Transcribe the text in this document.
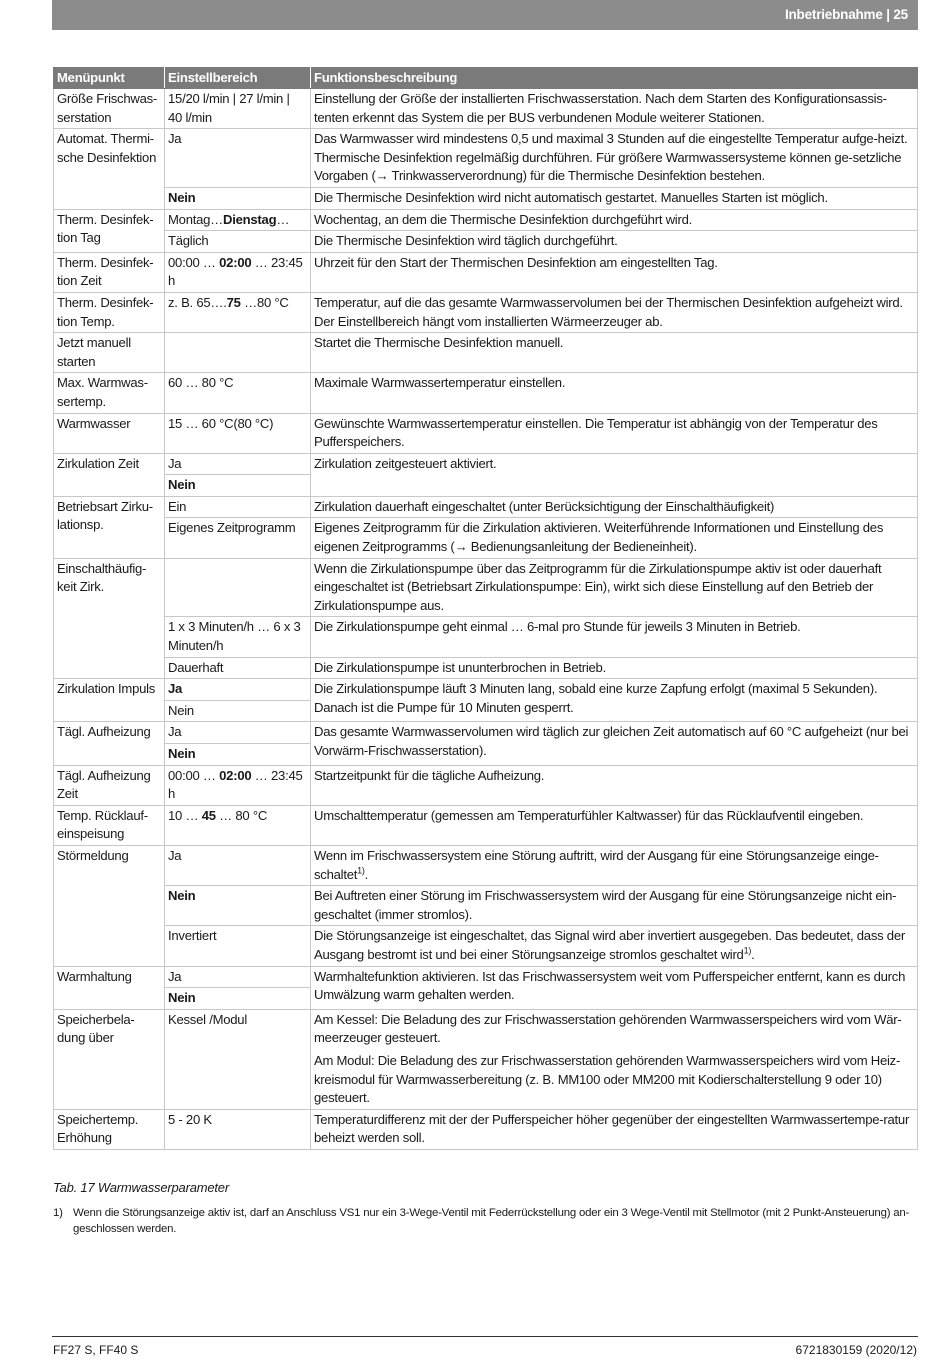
Inbetriebnahme | 25
Menüpunkt	Einstellbereich	Funktionsbeschreibung
Größe Frischwas-serstation	15/20 l/min | 27 l/min | 40 l/min	Einstellung der Größe der installierten Frischwasserstation. Nach dem Starten des Konfigurationsassis-tenten erkennt das System die per BUS verbundenen Module weiterer Stationen.
Automat. Thermi-sche Desinfektion	Ja	Das Warmwasser wird mindestens 0,5 und maximal 3 Stunden auf die eingestellte Temperatur aufge-heizt. Thermische Desinfektion regelmäßig durchführen. Für größere Warmwassersysteme können ge-setzliche Vorgaben (→ Trinkwasserverordnung) für die Thermische Desinfektion bestehen.
	Nein	Die Thermische Desinfektion wird nicht automatisch gestartet. Manuelles Starten ist möglich.
Therm. Desinfek-tion Tag	Montag…Dienstag…	Wochentag, an dem die Thermische Desinfektion durchgeführt wird.
	Täglich	Die Thermische Desinfektion wird täglich durchgeführt.
Therm. Desinfek-tion Zeit	00:00 … 02:00 … 23:45 h	Uhrzeit für den Start der Thermischen Desinfektion am eingestellten Tag.
Therm. Desinfek-tion Temp.	z. B. 65….75 …80 °C	Temperatur, auf die das gesamte Warmwasservolumen bei der Thermischen Desinfektion aufgeheizt wird. Der Einstellbereich hängt vom installierten Wärmeerzeuger ab.
Jetzt manuell starten		Startet die Thermische Desinfektion manuell.
Max. Warmwas-sertemp.	60 … 80 °C	Maximale Warmwassertemperatur einstellen.
Warmwasser	15 … 60 °C(80 °C)	Gewünschte Warmwassertemperatur einstellen. Die Temperatur ist abhängig von der Temperatur des Pufferspeichers.
Zirkulation Zeit	Ja	Zirkulation zeitgesteuert aktiviert.
	Nein	
Betriebsart Zirku-lationsp.	Ein	Zirkulation dauerhaft eingeschaltet (unter Berücksichtigung der Einschalthäufigkeit)
	Eigenes Zeitprogramm	Eigenes Zeitprogramm für die Zirkulation aktivieren. Weiterführende Informationen und Einstellung des eigenen Zeitprogramms (→ Bedienungsanleitung der Bedieneinheit).
Einschalthäufig-keit Zirk.		Wenn die Zirkulationspumpe über das Zeitprogramm für die Zirkulationspumpe aktiv ist oder dauerhaft eingeschaltet ist (Betriebsart Zirkulationspumpe: Ein), wirkt sich diese Einstellung auf den Betrieb der Zirkulationspumpe aus.
	1 x 3 Minuten/h … 6 x 3 Minuten/h	Die Zirkulationspumpe geht einmal … 6-mal pro Stunde für jeweils 3 Minuten in Betrieb.
	Dauerhaft	Die Zirkulationspumpe ist ununterbrochen in Betrieb.
Zirkulation Impuls	Ja	Die Zirkulationspumpe läuft 3 Minuten lang, sobald eine kurze Zapfung erfolgt (maximal 5 Sekunden). Danach ist die Pumpe für 10 Minuten gesperrt.
	Nein	
Tägl. Aufheizung	Ja	Das gesamte Warmwasservolumen wird täglich zur gleichen Zeit automatisch auf 60 °C aufgeheizt (nur bei Vorwärm-Frischwasserstation).
	Nein	
Tägl. Aufheizung Zeit	00:00 … 02:00 … 23:45 h	Startzeitpunkt für die tägliche Aufheizung.
Temp. Rücklauf-einspeisung	10 … 45 … 80 °C	Umschalttemperatur (gemessen am Temperaturfühler Kaltwasser) für das Rücklaufventil eingeben.
Störmeldung	Ja	Wenn im Frischwassersystem eine Störung auftritt, wird der Ausgang für eine Störungsanzeige einge-schaltet$^{1)}$.
	Nein	Bei Auftreten einer Störung im Frischwassersystem wird der Ausgang für eine Störungsanzeige nicht ein-geschaltet (immer stromlos).
	Invertiert	Die Störungsanzeige ist eingeschaltet, das Signal wird aber invertiert ausgegeben. Das bedeutet, dass der Ausgang bestromt ist und bei einer Störungsanzeige stromlos geschaltet wird$^{1)}$.
Warmhaltung	Ja	Warmhaltefunktion aktivieren. Ist das Frischwassersystem weit vom Pufferspeicher entfernt, kann es durch Umwälzung warm gehalten werden.
	Nein	
Speicherbela-dung über	Kessel /Modul	Am Kessel: Die Beladung des zur Frischwasserstation gehörenden Warmwasserspeichers wird vom Wär-meerzeuger gesteuert.
Am Modul: Die Beladung des zur Frischwasserstation gehörenden Warmwasserspeichers wird vom Heiz-kreismodul für Warmwasserbereitung (z. B. MM100 oder MM200 mit Kodierschalterstellung 9 oder 10) gesteuert.

Speichertemp. Erhöhung	5 - 20 K	Temperaturdifferenz mit der der Pufferspeicher höher gegenüber der eingestellten Warmwassertempe-ratur beheizt werden soll.
Tab. 17 Warmwasserparameter
1) Wenn die Störungsanzeige aktiv ist, darf an Anschluss VS1 nur ein 3-Wege-Ventil mit Federrückstellung oder ein 3 Wege-Ventil mit Stellmotor (mit 2 Punkt-Ansteuerung) an-geschlossen werden.
FF27 S, FF40 S	6721830159 (2020/12)
